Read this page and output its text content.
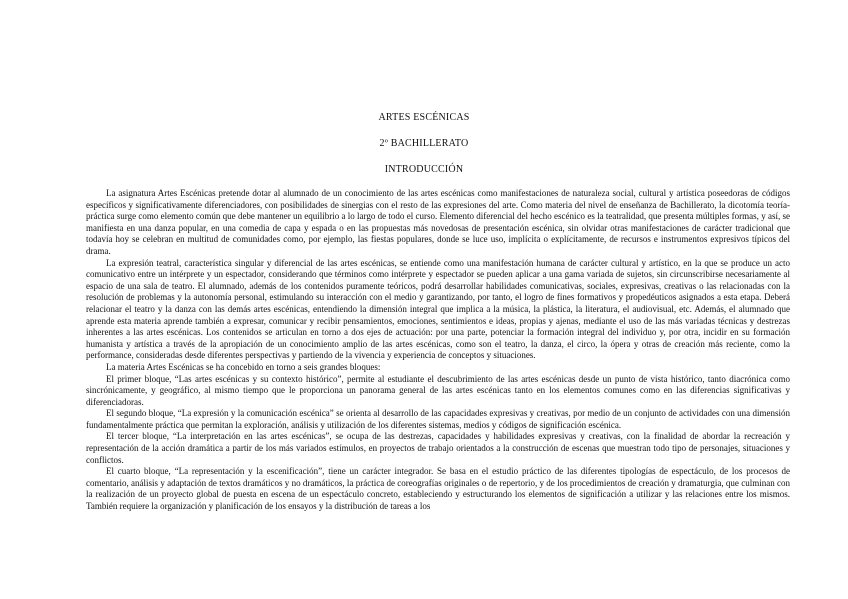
ARTES ESCÉNICAS
2º BACHILLERATO
INTRODUCCIÓN

La asignatura Artes Escénicas pretende dotar al alumnado de un conocimiento de las artes escénicas como manifestaciones de naturaleza social, cultural y artística poseedoras de códigos específicos y significativamente diferenciadores, con posibilidades de sinergias con el resto de las expresiones del arte. Como materia del nivel de enseñanza de Bachillerato, la dicotomía teoría-práctica surge como elemento común que debe mantener un equilibrio a lo largo de todo el curso. Elemento diferencial del hecho escénico es la teatralidad, que presenta múltiples formas, y así, se manifiesta en una danza popular, en una comedia de capa y espada o en las propuestas más novedosas de presentación escénica, sin olvidar otras manifestaciones de carácter tradicional que todavía hoy se celebran en multitud de comunidades como, por ejemplo, las fiestas populares, donde se luce uso, implícita o explícitamente, de recursos e instrumentos expresivos típicos del drama.

La expresión teatral, característica singular y diferencial de las artes escénicas, se entiende como una manifestación humana de carácter cultural y artístico, en la que se produce un acto comunicativo entre un intérprete y un espectador, considerando que términos como intérprete y espectador se pueden aplicar a una gama variada de sujetos, sin circunscribirse necesariamente al espacio de una sala de teatro. El alumnado, además de los contenidos puramente teóricos, podrá desarrollar habilidades comunicativas, sociales, expresivas, creativas o las relacionadas con la resolución de problemas y la autonomía personal, estimulando su interacción con el medio y garantizando, por tanto, el logro de fines formativos y propedéuticos asignados a esta etapa. Deberá relacionar el teatro y la danza con las demás artes escénicas, entendiendo la dimensión integral que implica a la música, la plástica, la literatura, el audiovisual, etc. Además, el alumnado que aprende esta materia aprende también a expresar, comunicar y recibir pensamientos, emociones, sentimientos e ideas, propias y ajenas, mediante el uso de las más variadas técnicas y destrezas inherentes a las artes escénicas. Los contenidos se articulan en torno a dos ejes de actuación: por una parte, potenciar la formación integral del individuo y, por otra, incidir en su formación humanista y artística a través de la apropiación de un conocimiento amplio de las artes escénicas, como son el teatro, la danza, el circo, la ópera y otras de creación más reciente, como la performance, consideradas desde diferentes perspectivas y partiendo de la vivencia y experiencia de conceptos y situaciones.

La materia Artes Escénicas se ha concebido en torno a seis grandes bloques:

El primer bloque, “Las artes escénicas y su contexto histórico”, permite al estudiante el descubrimiento de las artes escénicas desde un punto de vista histórico, tanto diacrónica como sincrónicamente, y geográfico, al mismo tiempo que le proporciona un panorama general de las artes escénicas tanto en los elementos comunes como en las diferencias significativas y diferenciadoras.

El segundo bloque, “La expresión y la comunicación escénica” se orienta al desarrollo de las capacidades expresivas y creativas, por medio de un conjunto de actividades con una dimensión fundamentalmente práctica que permitan la exploración, análisis y utilización de los diferentes sistemas, medios y códigos de significación escénica.

El tercer bloque, “La interpretación en las artes escénicas”, se ocupa de las destrezas, capacidades y habilidades expresivas y creativas, con la finalidad de abordar la recreación y representación de la acción dramática a partir de los más variados estímulos, en proyectos de trabajo orientados a la construcción de escenas que muestran todo tipo de personajes, situaciones y conflictos.

El cuarto bloque, “La representación y la escenificación”, tiene un carácter integrador. Se basa en el estudio práctico de las diferentes tipologías de espectáculo, de los procesos de comentario, análisis y adaptación de textos dramáticos y no dramáticos, la práctica de coreografías originales o de repertorio, y de los procedimientos de creación y dramaturgia, que culminan con la realización de un proyecto global de puesta en escena de un espectáculo concreto, estableciendo y estructurando los elementos de significación a utilizar y las relaciones entre los mismos. También requiere la organización y planificación de los ensayos y la distribución de tareas a los
